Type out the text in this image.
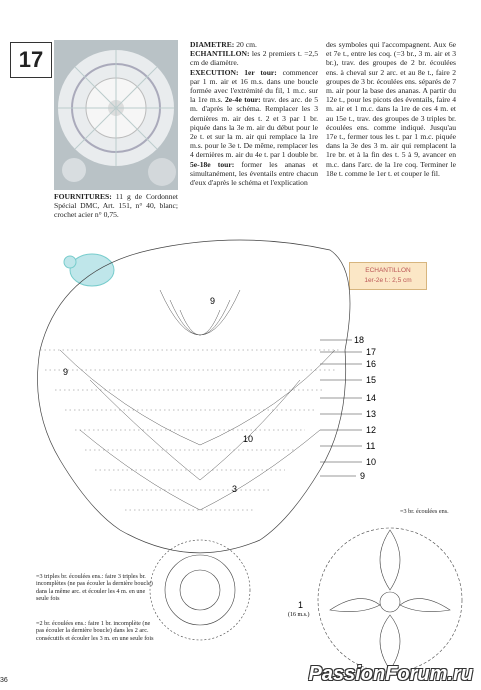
17
FOURNITURES: 11 g de Cordonnet Spécial DMC, Art. 151, n° 40, blanc; crochet acier n° 0,75.
DIAMETRE: 20 cm.
ECHANTILLON: les 2 premiers t. =2,5 cm de diamètre.
EXECUTION: 1er tour: commencer par 1 m. air et 16 m.s. dans une boucle formée avec l'extrémité du fil, 1 m.c. sur la 1re m.s. 2e-4e tour: trav. des arc. de 5 m. d'après le schéma. Remplacer les 3 dernières m. air des t. 2 et 3 par 1 br. piquée dans la 3e m. air du début pour le 2e t. et sur la m. air qui remplace la 1re m.s. pour le 3e t. De même, remplacer les 4 dernières m. air du 4e t. par 1 double br. 5e-18e tour: former les ananas et simultanément, les éventails entre chacun d'eux d'après le schéma et l'explication
des symboles qui l'accompagnent. Aux 6e et 7e t., entre les coq. (=3 br., 3 m. air et 3 br.), trav. des groupes de 2 br. écoulées ens. à cheval sur 2 arc. et au 8e t., faire 2 groupes de 3 br. écoulées ens. séparés de 7 m. air pour la base des ananas. A partir du 12e t., pour les picots des éventails, faire 4 m. air et 1 m.c. dans la 1re de ces 4 m. et au 15e t., trav. des groupes de 3 triples br. écoulées ens. comme indiqué. Jusqu'au 17e t., fermer tous les t. par 1 m.c. piquée dans la 3e des 3 m. air qui remplacent la 1re br. et à la fin des t. 5 à 9, avancer en m.c. dans l'arc. de la 1re coq. Terminer le 18e t. comme le 1er t. et couper le fil.
ECHANTILLON
1er-2e t.: 2,5 cm
1
(16 m.s.)
3
10
9
9
18
17
16
15
14
13
12
11
10
9
=3 br. écoulées ens.
=3 triples br. écoulées ens.: faire 3 triples br. incomplètes (ne pas écouler la dernière boucle) dans la même arc. et écouler les 4 m. en une seule fois
=2 br. écoulées ens.: faire 1 br. incomplète (ne pas écouler la dernière boucle) dans les 2 arc. consécutifs et écouler les 3 m. en une seule fois
36	PassionForum.ru
